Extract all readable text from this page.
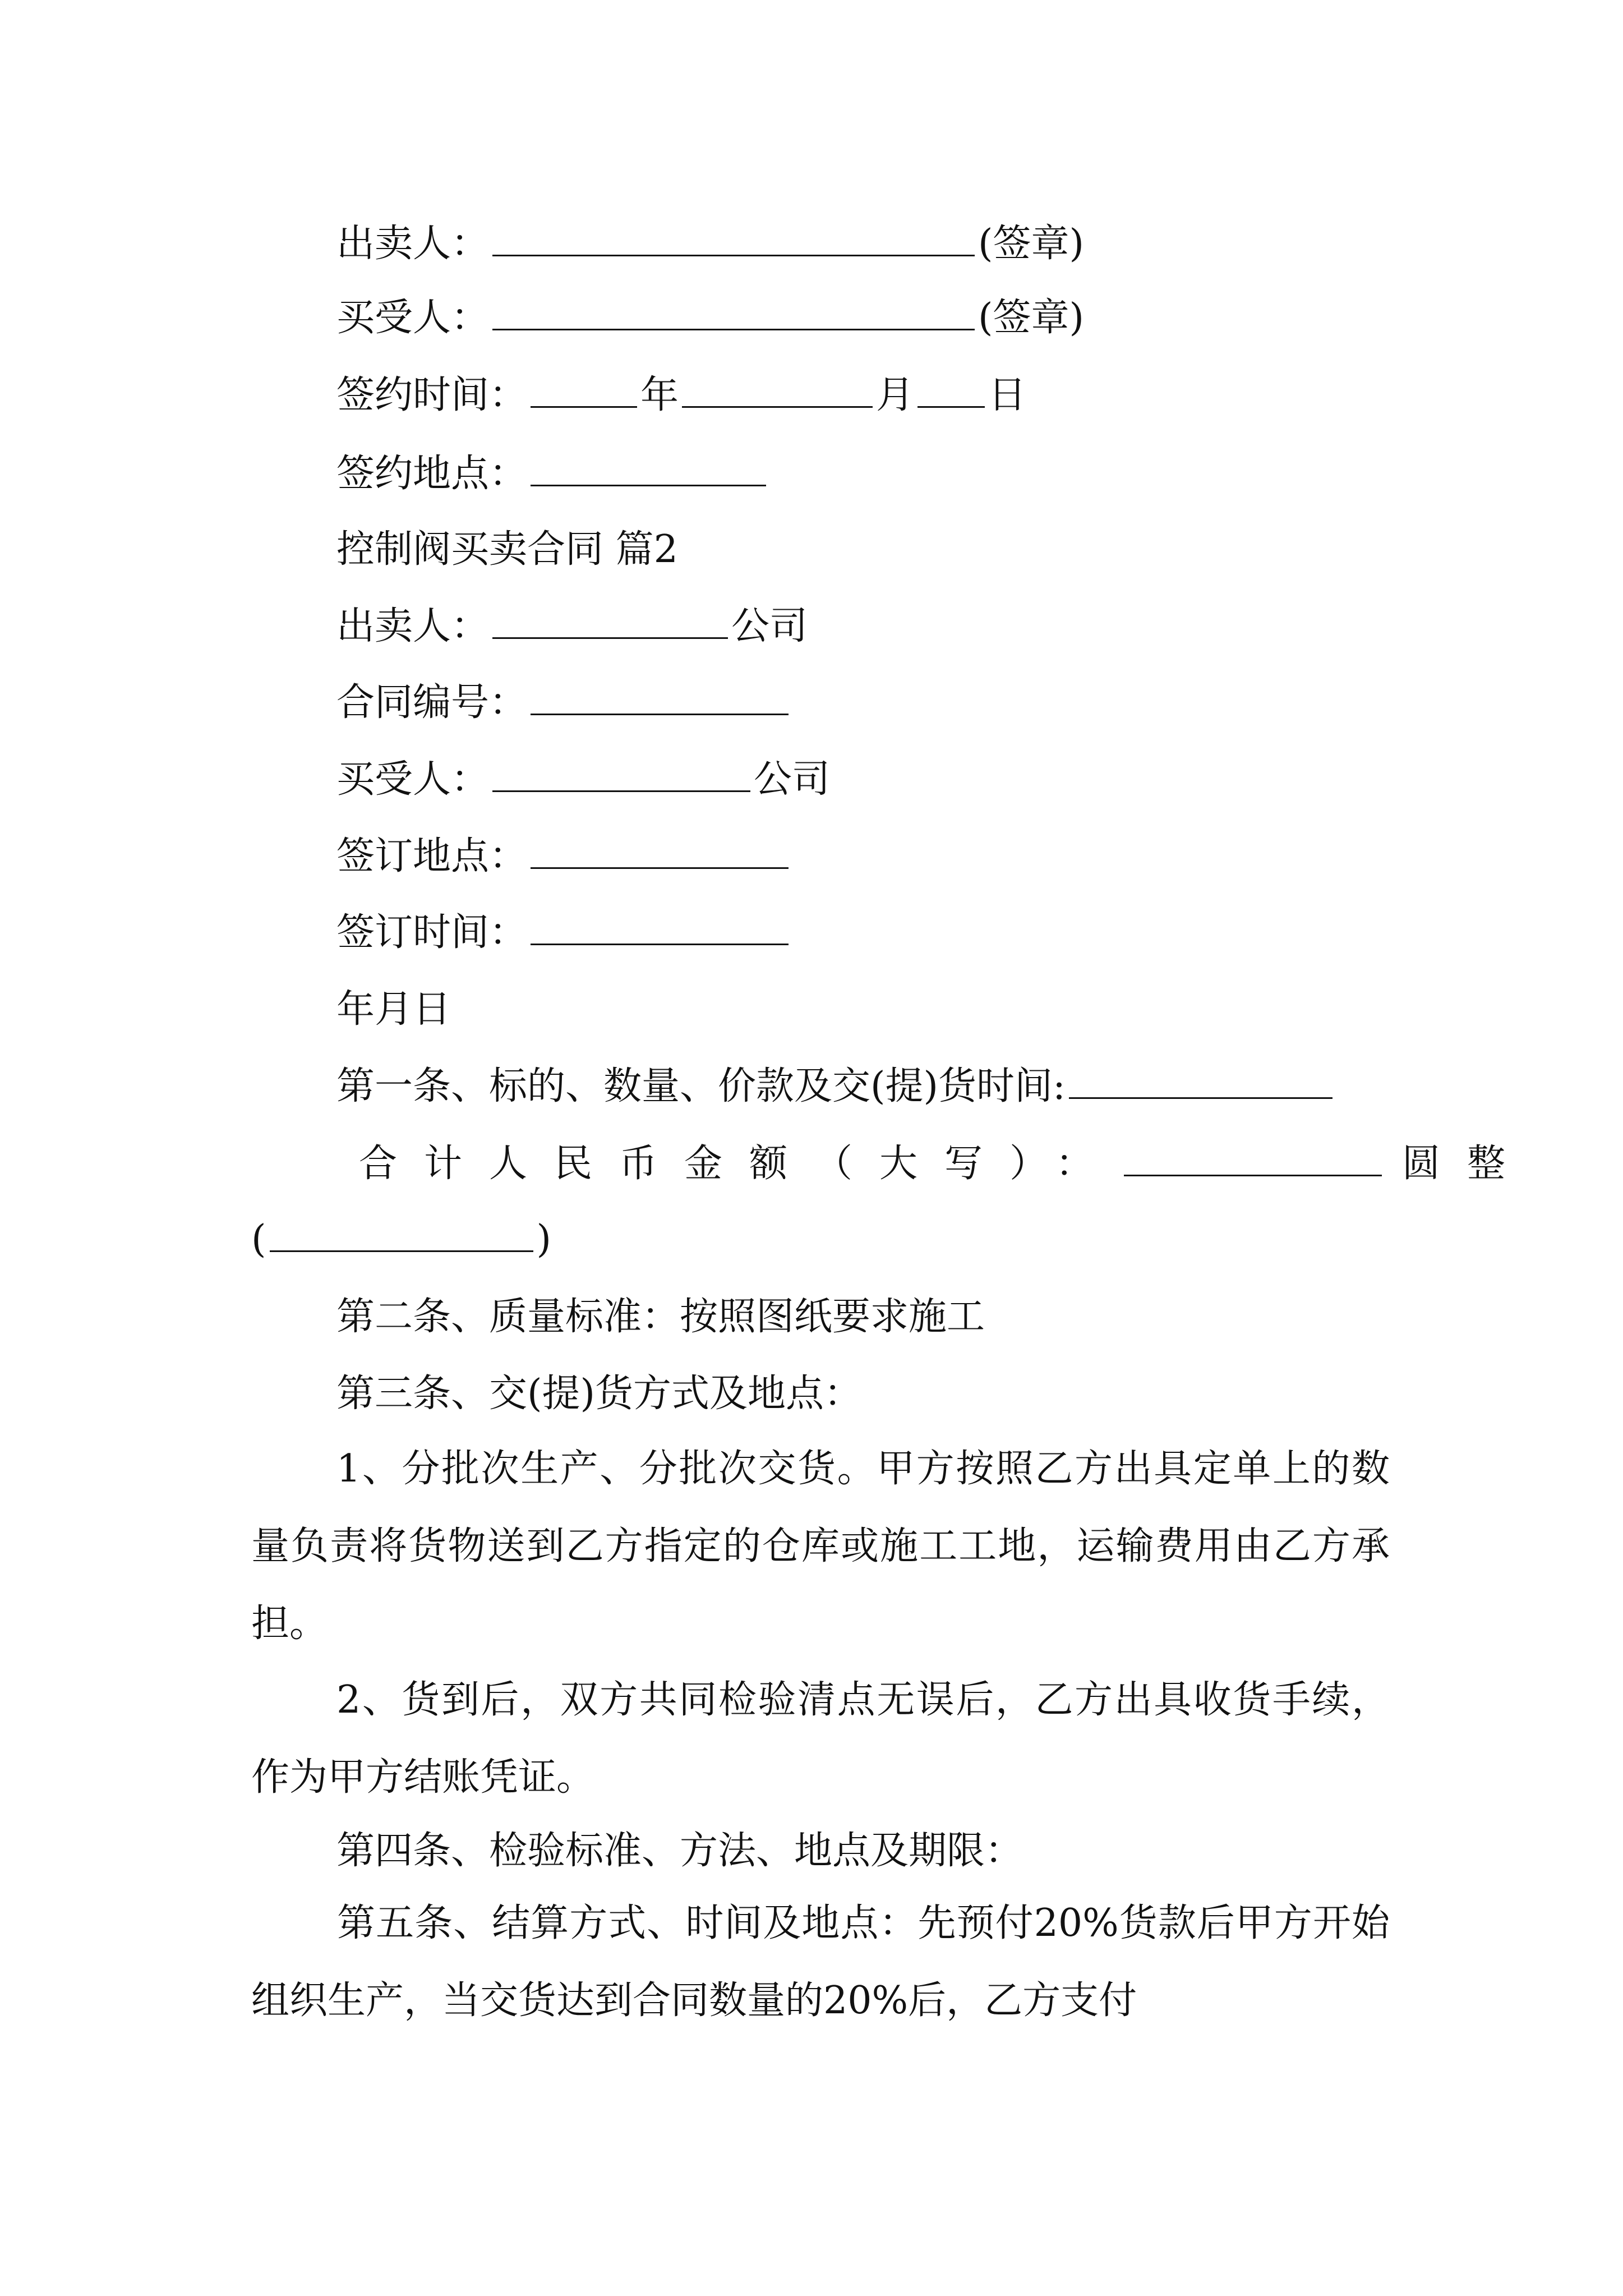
出卖人：	(签章)
买受人：	(签章)
签约时间：	年	月 日
签约地点：
控制阀买卖合同 篇2
出卖人：	公司
合同编号：
买受人：	公司
签订地点：
签订时间：
年月日
第一条、标的、数量、价款及交(提)货时间:
合计人民币金额（大写）：	圆整
(	)
第二条、质量标准：按照图纸要求施工
第三条、交(提)货方式及地点：
1、分批次生产、分批次交货。甲方按照乙方出具定单上的数量负责将货物送到乙方指定的仓库或施工工地，运输费用由乙方承担。
2、货到后，双方共同检验清点无误后，乙方出具收货手续，作为甲方结账凭证。
第四条、检验标准、方法、地点及期限：
第五条、结算方式、时间及地点：先预付20%货款后甲方开始组织生产，当交货达到合同数量的20%后，乙方支付
